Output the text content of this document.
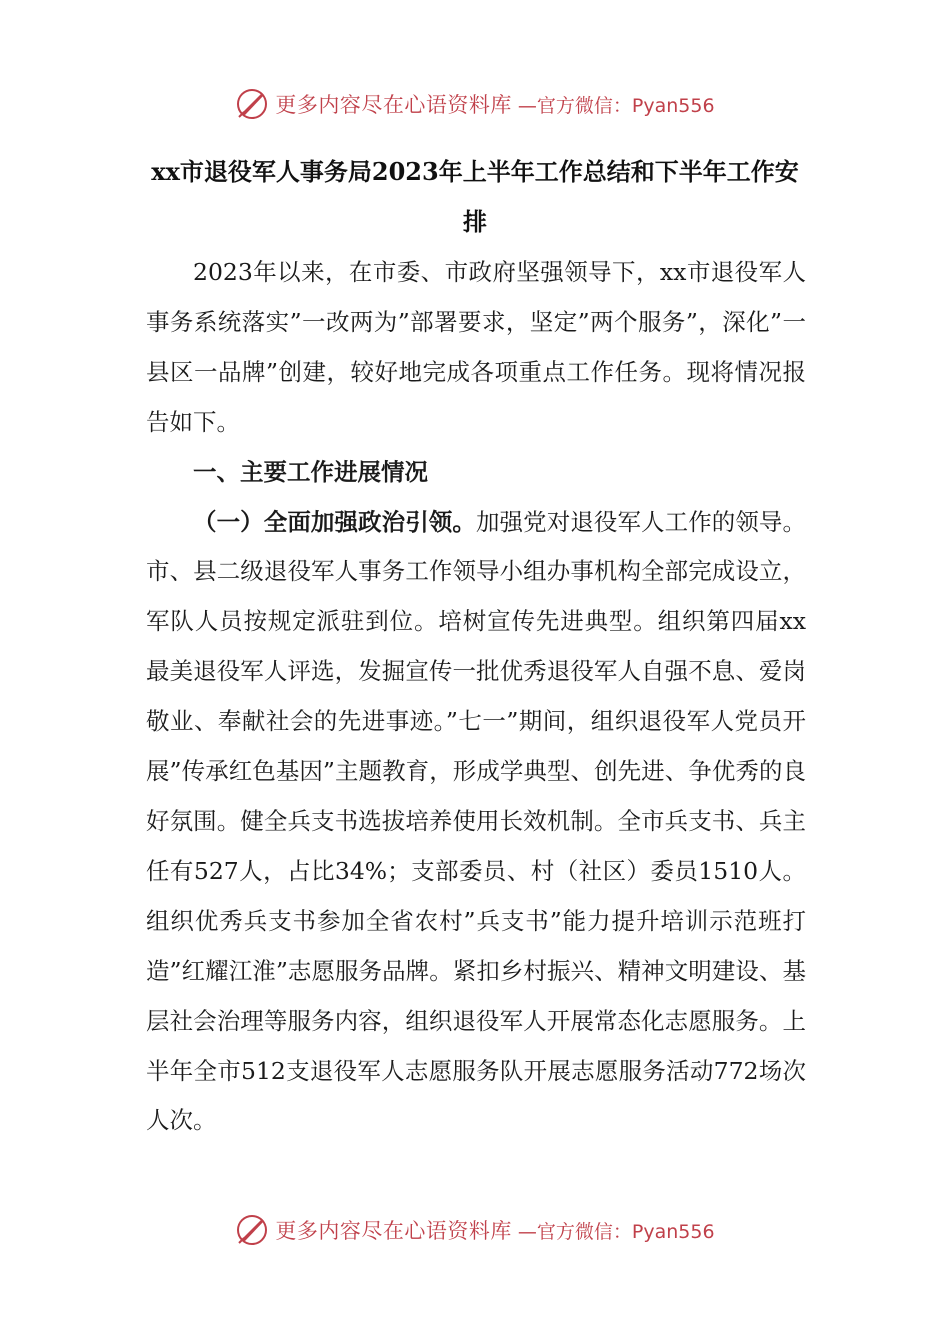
更多内容尽在心语资料库 —官方微信：Pyan556
xx市退役军人事务局2023年上半年工作总结和下半年工作安排

2023年以来，在市委、市政府坚强领导下，xx市退役军人事务系统落实”一改两为”部署要求，坚定”两个服务”，深化”一县区一品牌”创建，较好地完成各项重点工作任务。现将情况报告如下。

一、主要工作进展情况

（一）全面加强政治引领。加强党对退役军人工作的领导。市、县二级退役军人事务工作领导小组办事机构全部完成设立，军队人员按规定派驻到位。培树宣传先进典型。组织第四届xx最美退役军人评选，发掘宣传一批优秀退役军人自强不息、爱岗敬业、奉献社会的先进事迹。”七一”期间，组织退役军人党员开展”传承红色基因”主题教育，形成学典型、创先进、争优秀的良好氛围。健全兵支书选拔培养使用长效机制。全市兵支书、兵主任有527人，占比34%；支部委员、村（社区）委员1510人。组织优秀兵支书参加全省农村”兵支书”能力提升培训示范班打造”红耀江淮”志愿服务品牌。紧扣乡村振兴、精神文明建设、基层社会治理等服务内容，组织退役军人开展常态化志愿服务。上半年全市512支退役军人志愿服务队开展志愿服务活动772场次人次。

更多内容尽在心语资料库 —官方微信：Pyan556
